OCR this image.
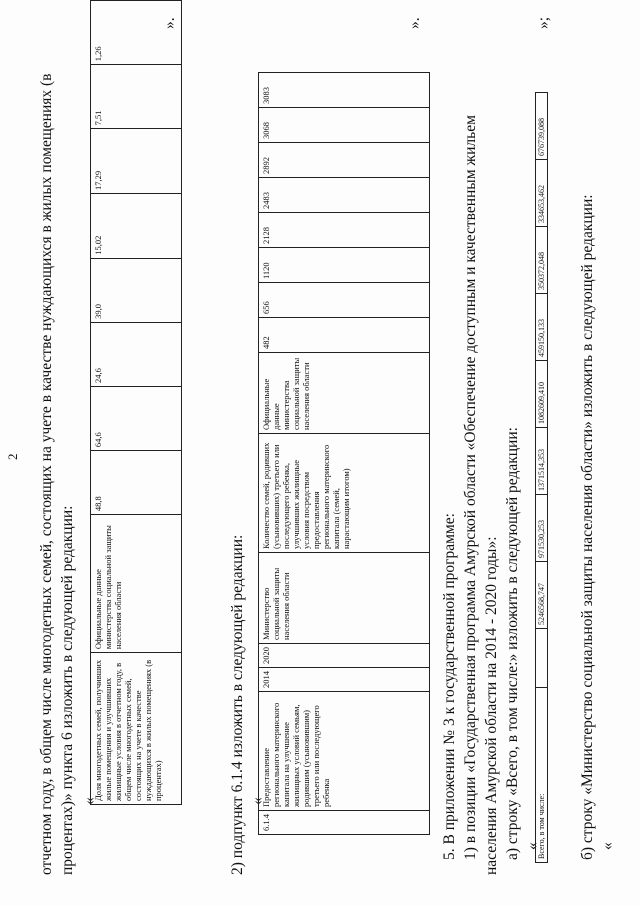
2 отчетном году, в общем числе многодетных семей, состоящих на учете в качестве нуждающихся в жилых помещениях (в процентах)» пункта 6 изложить в следующей редакции: «
Доля многодетных семей, получивших жилые помещения и улучшивших жилищные условия в отчетном году, в общем числе многодетных семей, состоящих на учете в качестве нуждающихся в жилых помещениях (в процентах)	Официальные данные министерства социальной защиты населения области	48,8	64,6	24,6	39,0	15,02	17,29	7,51	1,26
».
2) подпункт 6.1.4 изложить в следующей редакции: «
6.1.4	Предоставление регионального материнского капитала на улучшение жилищных условий семьям, родившим (усыновившим) третьего или последующего ребенка	2014	2020	Министерство социальной защиты населения области	Количество семей, родивших (усыновивших) третьего или последующего ребенка, улучшивших жилищные условия посредством предоставления регионального материнского капитала (семей, нарастающим итогом)	Официальные данные министерства социальной защиты населения области	482	656	1120	2128	2483	2892	3068	3083
».
5. В приложении № 3 к государственной программе: 1) в позиции «Государственная программа Амурской области «Обеспечение доступным и качественным жильем населения Амурской области на 2014 - 2020 годы»: а) строку «Всего, в том числе:» изложить в следующей редакции: «
Всего, в том числе:		5246568,747	971530,253	1371514,353	1082609,410	459150,133	350372,048	334653,462	676739,088
»;
б) строку «Министерство социальной защиты населения области» изложить в следующей редакции: «
